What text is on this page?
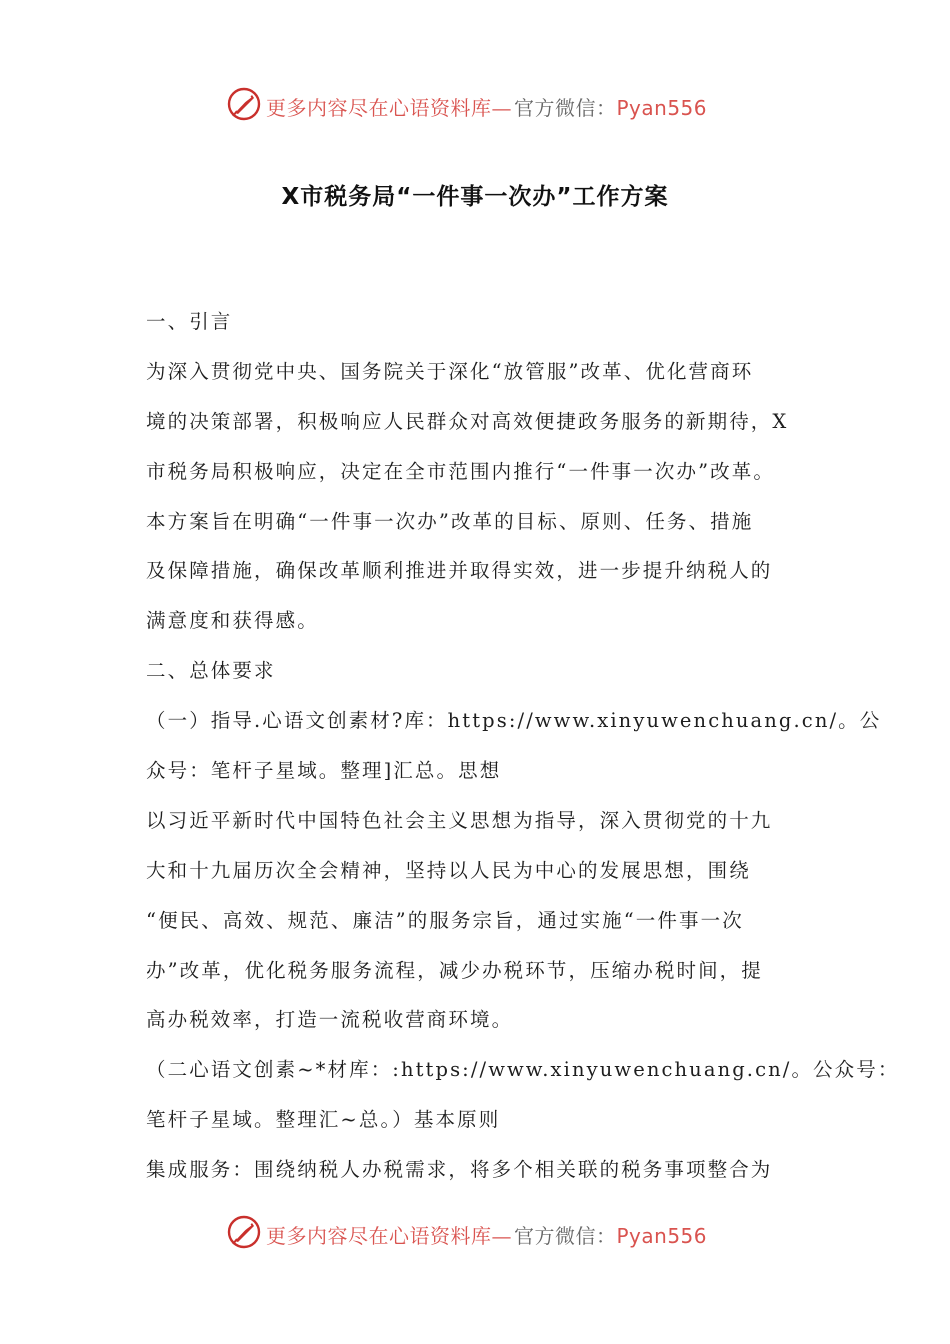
更多内容尽在心语资料库— 官方微信：Pyan556
X市税务局“一件事一次办”工作方案
一、引言
为深入贯彻党中央、国务院关于深化“放管服”改革、优化营商环
境的决策部署，积极响应人民群众对高效便捷政务服务的新期待，X
市税务局积极响应，决定在全市范围内推行“一件事一次办”改革。
本方案旨在明确“一件事一次办”改革的目标、原则、任务、措施
及保障措施，确保改革顺利推进并取得实效，进一步提升纳税人的
满意度和获得感。
二、总体要求
（一）指导.心语文创素材?库：https://www.xinyuwenchuang.cn/。公
众号：笔杆子星域。整理]汇总。思想
以习近平新时代中国特色社会主义思想为指导，深入贯彻党的十九
大和十九届历次全会精神，坚持以人民为中心的发展思想，围绕
“便民、高效、规范、廉洁”的服务宗旨，通过实施“一件事一次
办”改革，优化税务服务流程，减少办税环节，压缩办税时间，提
高办税效率，打造一流税收营商环境。
（二心语文创素~*材库：:https://www.xinyuwenchuang.cn/。公众号：
笔杆子星域。整理汇~总。）基本原则
集成服务：围绕纳税人办税需求，将多个相关联的税务事项整合为
更多内容尽在心语资料库— 官方微信：Pyan556
